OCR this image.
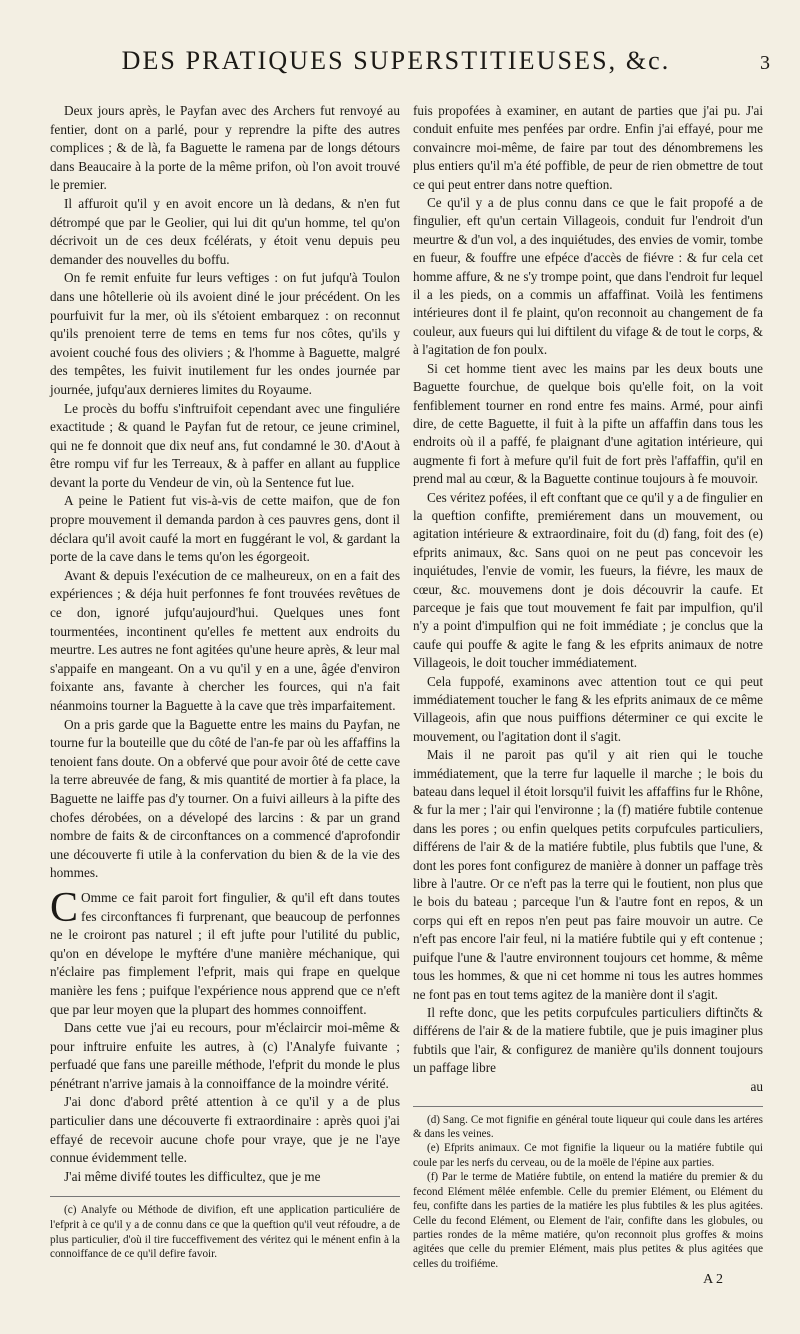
DES PRATIQUES SUPERSTITIEUSES, &c.	3

Deux jours après, le Payfan avec des Archers fut renvoyé au fentier, dont on a parlé, pour y reprendre la pifte des autres complices ; & de là, fa Baguette le ramena par de longs détours dans Beaucaire à la porte de la même prifon, où l'on avoit trouvé le premier.

Il affuroit qu'il y en avoit encore un là dedans, & n'en fut détrompé que par le Geolier, qui lui dit qu'un homme, tel qu'on décrivoit un de ces deux fcélérats, y étoit venu depuis peu demander des nouvelles du boffu.

On fe remit enfuite fur leurs veftiges : on fut jufqu'à Toulon dans une hôtellerie où ils avoient diné le jour précédent. On les pourfuivit fur la mer, où ils s'étoient embarquez : on reconnut qu'ils prenoient terre de tems en tems fur nos côtes, qu'ils y avoient couché fous des oliviers ; & l'homme à Baguette, malgré des tempêtes, les fuivit inutilement fur les ondes journée par journée, jufqu'aux dernieres limites du Royaume.

Le procès du boffu s'inftruifoit cependant avec une finguliére exactitude ; & quand le Payfan fut de retour, ce jeune criminel, qui ne fe donnoit que dix neuf ans, fut condamné le 30. d'Aout à être rompu vif fur les Terreaux, & à paffer en allant au fupplice devant la porte du Vendeur de vin, où la Sentence fut lue.

A peine le Patient fut vis-à-vis de cette maifon, que de fon propre mouvement il demanda pardon à ces pauvres gens, dont il déclara qu'il avoit caufé la mort en fuggérant le vol, & gardant la porte de la cave dans le tems qu'on les égorgeoit.

Avant & depuis l'exécution de ce malheureux, on en a fait des expériences ; & déja huit perfonnes fe font trouvées revêtues de ce don, ignoré jufqu'aujourd'hui. Quelques unes font tourmentées, incontinent qu'elles fe mettent aux endroits du meurtre. Les autres ne font agitées qu'une heure après, & leur mal s'appaife en mangeant. On a vu qu'il y en a une, âgée d'environ foixante ans, favante à chercher les fources, qui n'a fait néanmoins tourner la Baguette à la cave que très imparfaitement.

On a pris garde que la Baguette entre les mains du Payfan, ne tourne fur la bouteille que du côté de l'an-fe par où les affaffins la tenoient fans doute. On a obfervé que pour avoir ôté de cette cave la terre abreuvée de fang, & mis quantité de mortier à fa place, la Baguette ne laiffe pas d'y tourner. On a fuivi ailleurs à la pifte des chofes dérobées, on a dévelopé des larcins : & par un grand nombre de faits & de circonftances on a commencé d'aprofondir une découverte fi utile à la confervation du bien & de la vie des hommes.

C Omme ce fait paroit fort fingulier, & qu'il eft dans toutes fes circonftances fi furprenant, que beaucoup de perfonnes ne le croiront pas naturel ; il eft jufte pour l'utilité du public, qu'on en dévelope le myftére d'une manière méchanique, qui n'éclaire pas fimplement l'efprit, mais qui frape en quelque manière les fens ; puifque l'expérience nous apprend que ce n'eft que par leur moyen que la plupart des hommes connoiffent.

Dans cette vue j'ai eu recours, pour m'éclaircir moi-même & pour inftruire enfuite les autres, à (c) l'Analyfe fuivante ; perfuadé que fans une pareille méthode, l'efprit du monde le plus pénétrant n'arrive jamais à la connoiffance de la moindre vérité.

J'ai donc d'abord prêté attention à ce qu'il y a de plus particulier dans une découverte fi extraordinaire : après quoi j'ai effayé de recevoir aucune chofe pour vraye, que je ne l'aye connue évidemment telle.

J'ai même divifé toutes les difficultez, que je me

(c) Analyfe ou Méthode de divifion, eft une application particuliére de l'efprit à ce qu'il y a de connu dans ce que la queftion qu'il veut réfoudre, a de plus particulier, d'où il tire fucceffivement des véritez qui le ménent enfin à la connoiffance de ce qu'il defire favoir.

fuis propofées à examiner, en autant de parties que j'ai pu. J'ai conduit enfuite mes penfées par ordre. Enfin j'ai effayé, pour me convaincre moi-même, de faire par tout des dénombremens les plus entiers qu'il m'a été poffible, de peur de rien obmettre de tout ce qui peut entrer dans notre queftion.

Ce qu'il y a de plus connu dans ce que le fait propofé a de fingulier, eft qu'un certain Villageois, conduit fur l'endroit d'un meurtre & d'un vol, a des inquiétudes, des envies de vomir, tombe en fueur, & fouffre une efpéce d'accès de fiévre : & fur cela cet homme affure, & ne s'y trompe point, que dans l'endroit fur lequel il a les pieds, on a commis un affaffinat. Voilà les fentimens intérieures dont il fe plaint, qu'on reconnoit au changement de fa couleur, aux fueurs qui lui diftilent du vifage & de tout le corps, & à l'agitation de fon poulx.

Si cet homme tient avec les mains par les deux bouts une Baguette fourchue, de quelque bois qu'elle foit, on la voit fenfiblement tourner en rond entre fes mains. Armé, pour ainfi dire, de cette Baguette, il fuit à la pifte un affaffin dans tous les endroits où il a paffé, fe plaignant d'une agitation intérieure, qui augmente fi fort à mefure qu'il fuit de fort près l'affaffin, qu'il en prend mal au cœur, & la Baguette continue toujours à fe mouvoir.

Ces véritez pofées, il eft conftant que ce qu'il y a de fingulier en la queftion confifte, premiérement dans un mouvement, ou agitation intérieure & extraordinaire, foit du (d) fang, foit des (e) efprits animaux, &c. Sans quoi on ne peut pas concevoir les inquiétudes, l'envie de vomir, les fueurs, la fiévre, les maux de cœur, &c. mouvemens dont je dois découvrir la caufe. Et parceque je fais que tout mouvement fe fait par impulfion, qu'il n'y a point d'impulfion qui ne foit immédiate ; je conclus que la caufe qui pouffe & agite le fang & les efprits animaux de notre Villageois, le doit toucher immédiatement.

Cela fuppofé, examinons avec attention tout ce qui peut immédiatement toucher le fang & les efprits animaux de ce même Villageois, afin que nous puiffions déterminer ce qui excite le mouvement, ou l'agitation dont il s'agit.

Mais il ne paroit pas qu'il y ait rien qui le touche immédiatement, que la terre fur laquelle il marche ; le bois du bateau dans lequel il étoit lorsqu'il fuivit les affaffins fur le Rhône, & fur la mer ; l'air qui l'environne ; la (f) matiére fubtile contenue dans les pores ; ou enfin quelques petits corpufcules particuliers, différens de l'air & de la matiére fubtile, plus fubtils que l'une, & dont les pores font configurez de manière à donner un paffage très libre à l'autre. Or ce n'eft pas la terre qui le foutient, non plus que le bois du bateau ; parceque l'un & l'autre font en repos, & un corps qui eft en repos n'en peut pas faire mouvoir un autre. Ce n'eft pas encore l'air feul, ni la matiére fubtile qui y eft contenue ; puifque l'une & l'autre environnent toujours cet homme, & même tous les hommes, & que ni cet homme ni tous les autres hommes ne font pas en tout tems agitez de la manière dont il s'agit.

Il refte donc, que les petits corpufcules particuliers diftinčts & différens de l'air & de la matiere fubtile, que je puis imaginer plus fubtils que l'air, & configurez de manière qu'ils donnent toujours un paffage libre

au

(d) Sang. Ce mot fignifie en général toute liqueur qui coule dans les artéres & dans les veines.

(e) Efprits animaux. Ce mot fignifie la liqueur ou la matiére fubtile qui coule par les nerfs du cerveau, ou de la moële de l'épine aux parties.

(f) Par le terme de Matiére fubtile, on entend la matiére du premier & du fecond Elément mêlée enfemble. Celle du premier Elément, ou Elément du feu, confifte dans les parties de la matiére les plus fubtiles & les plus agitées. Celle du fecond Elément, ou Element de l'air, confifte dans les globules, ou parties rondes de la même matiére, qu'on reconnoit plus groffes & moins agitées que celle du premier Elément, mais plus petites & plus agitées que celles du troifiéme.

A 2
